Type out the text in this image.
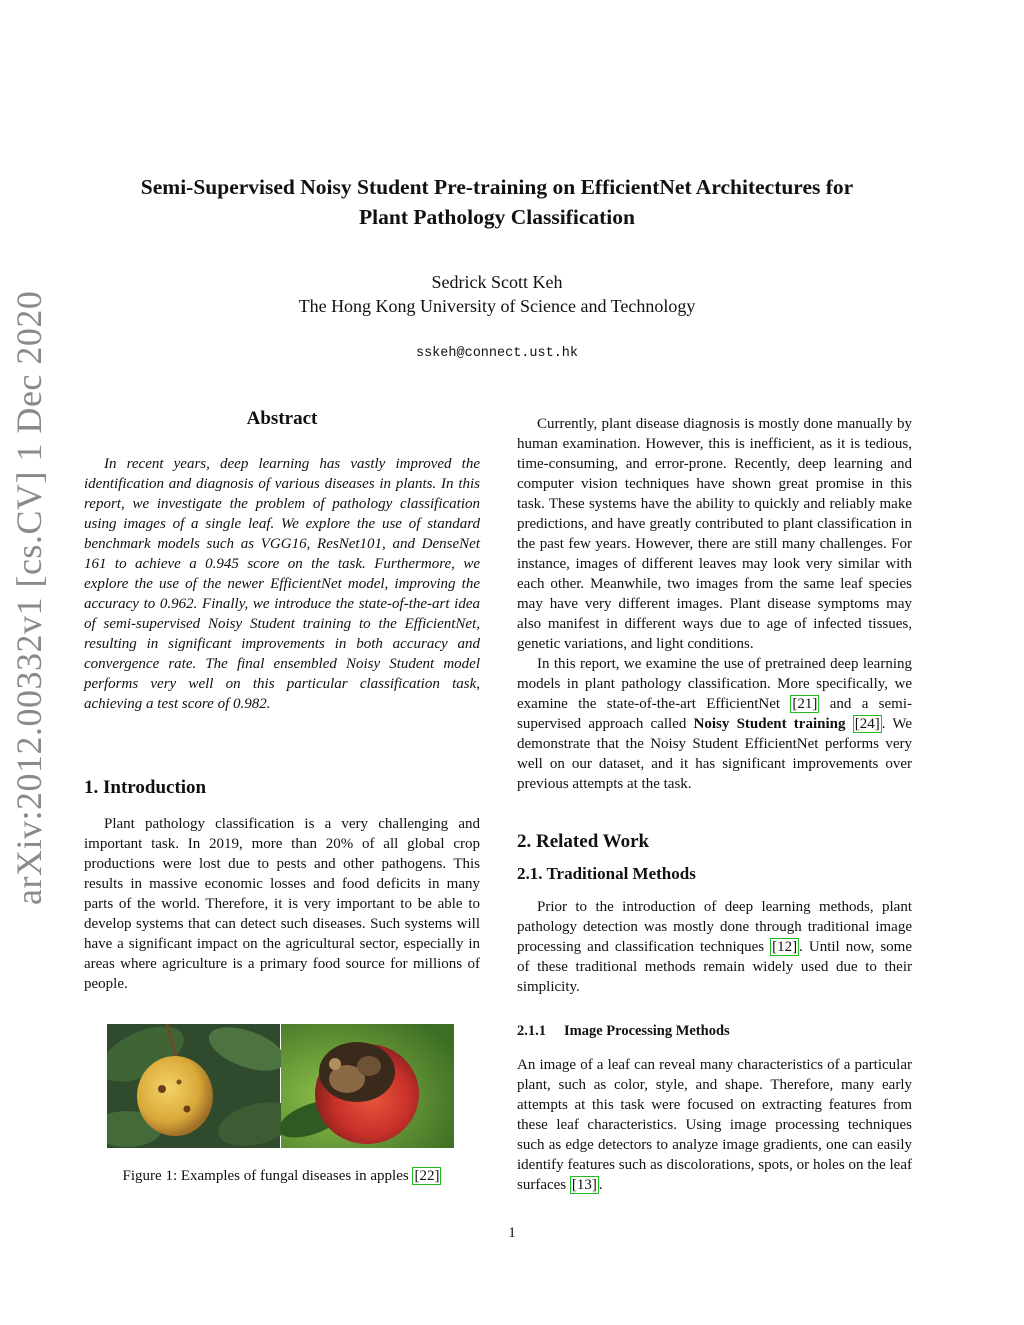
arXiv:2012.00332v1 [cs.CV] 1 Dec 2020
Semi-Supervised Noisy Student Pre-training on EfficientNet Architectures for
Plant Pathology Classification
Sedrick Scott Keh
The Hong Kong University of Science and Technology
sskeh@connect.ust.hk
Abstract

In recent years, deep learning has vastly improved the identification and diagnosis of various diseases in plants. In this report, we investigate the problem of pathology classification using images of a single leaf. We explore the use of standard benchmark models such as VGG16, ResNet101, and DenseNet 161 to achieve a 0.945 score on the task. Furthermore, we explore the use of the newer EfficientNet model, improving the accuracy to 0.962. Finally, we introduce the state-of-the-art idea of semi-supervised Noisy Student training to the EfficientNet, resulting in significant improvements in both accuracy and convergence rate. The final ensembled Noisy Student model performs very well on this particular classification task, achieving a test score of 0.982.

1. Introduction

Plant pathology classification is a very challenging and important task. In 2019, more than 20% of all global crop productions were lost due to pests and other pathogens. This results in massive economic losses and food deficits in many parts of the world. Therefore, it is very important to be able to develop systems that can detect such diseases. Such systems will have a significant impact on the agricultural sector, especially in areas where agriculture is a primary food source for millions of people.

Figure 1: Examples of fungal diseases in apples [22]

Currently, plant disease diagnosis is mostly done manually by human examination. However, this is inefficient, as it is tedious, time-consuming, and error-prone. Recently, deep learning and computer vision techniques have shown great promise in this task. These systems have the ability to quickly and reliably make predictions, and have greatly contributed to plant classification in the past few years. However, there are still many challenges. For instance, images of different leaves may look very similar with each other. Meanwhile, two images from the same leaf species may have very different images. Plant disease symptoms may also manifest in different ways due to age of infected tissues, genetic variations, and light conditions.

In this report, we examine the use of pretrained deep learning models in plant pathology classification. More specifically, we examine the state-of-the-art EfficientNet [21] and a semi-supervised approach called Noisy Student training [24] . We demonstrate that the Noisy Student EfficientNet performs very well on our dataset, and it has significant improvements over previous attempts at the task.

2. Related Work
2.1. Traditional Methods

Prior to the introduction of deep learning methods, plant pathology detection was mostly done through traditional image processing and classification techniques [12] . Until now, some of these traditional methods remain widely used due to their simplicity.

2.1.1 Image Processing Methods

An image of a leaf can reveal many characteristics of a particular plant, such as color, style, and shape. Therefore, many early attempts at this task were focused on extracting features from these leaf characteristics. Using image processing techniques such as edge detectors to analyze image gradients, one can easily identify features such as discolorations, spots, or holes on the leaf surfaces [13] .

1
